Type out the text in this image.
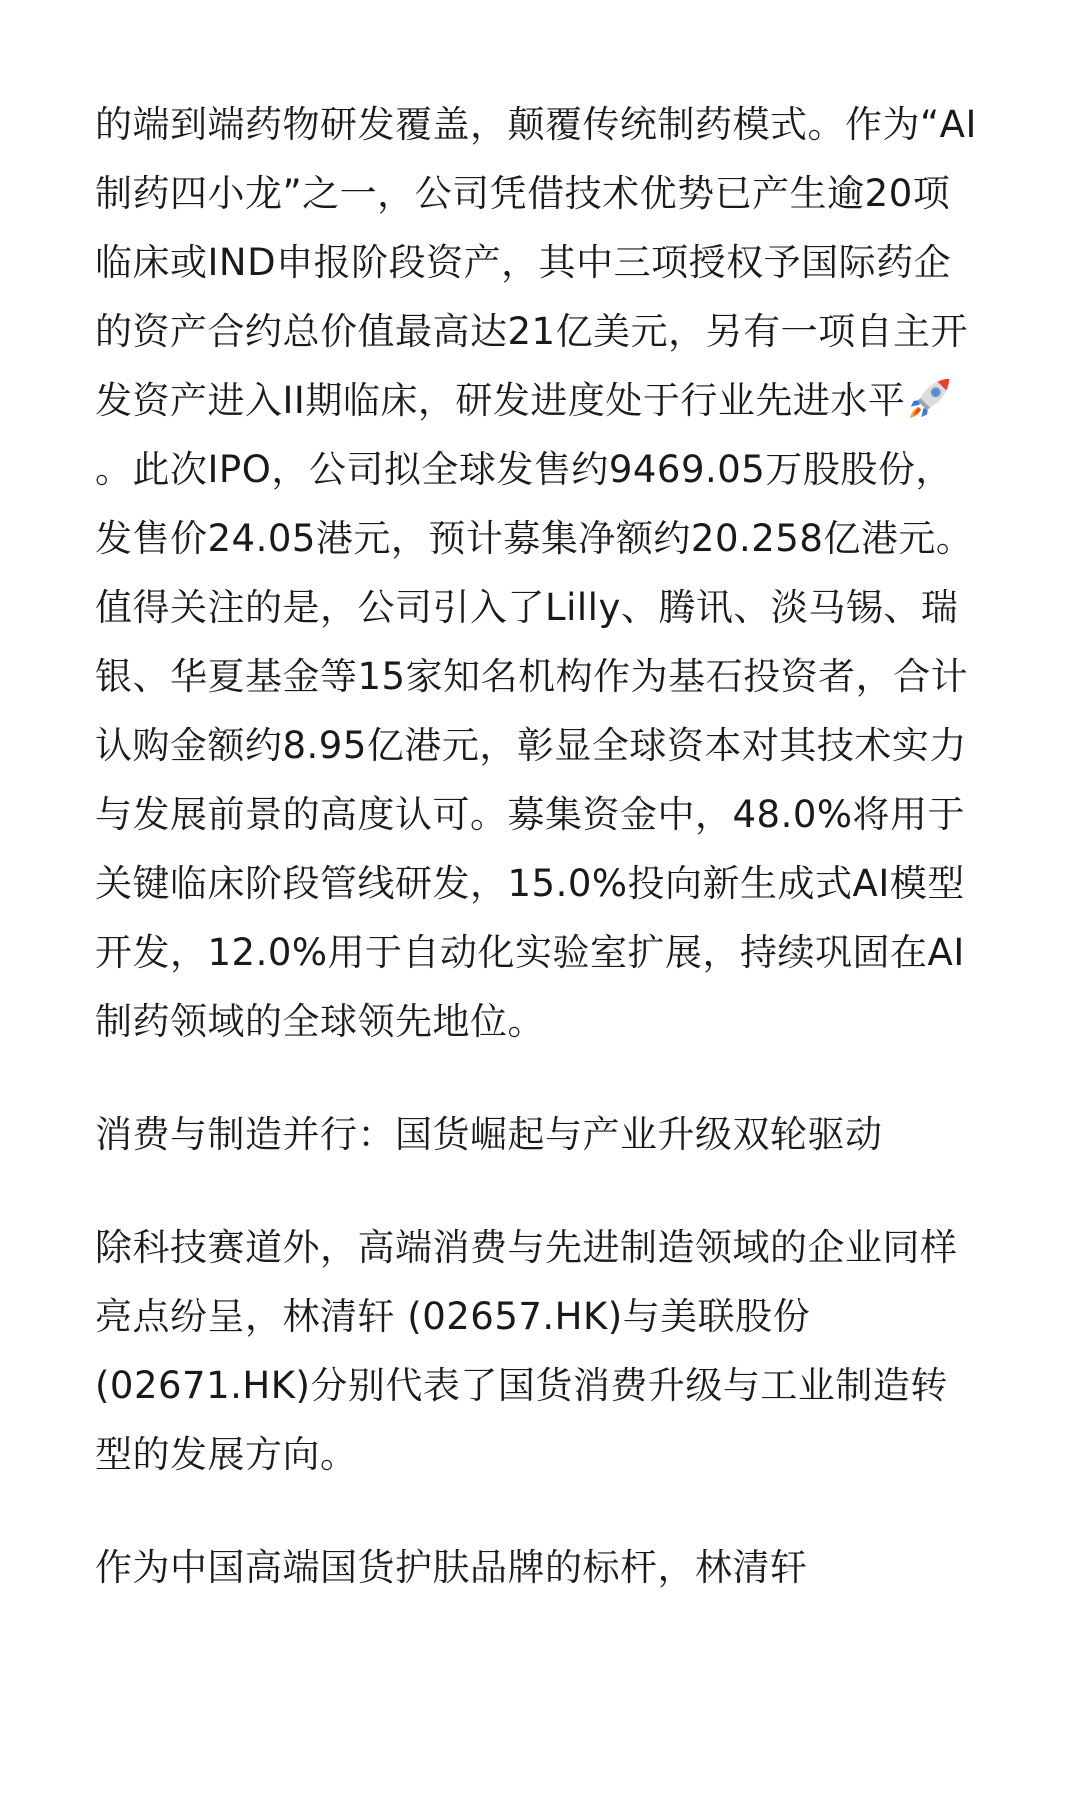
的端到端药物研发覆盖，颠覆传统制药模式。作为“AI制药四小龙”之一，公司凭借技术优势已产生逾20项临床或IND申报阶段资产，其中三项授权予国际药企的资产合约总价值最高达21亿美元，另有一项自主开发资产进入II期临床，研发进度处于行业先进水平。此次IPO，公司拟全球发售约9469.05万股股份，发售价24.05港元，预计募集净额约20.258亿港元。值得关注的是，公司引入了Lilly、腾讯、淡马锡、瑞银、华夏基金等15家知名机构作为基石投资者，合计认购金额约8.95亿港元，彰显全球资本对其技术实力与发展前景的高度认可。募集资金中，48.0%将用于关键临床阶段管线研发，15.0%投向新生成式AI模型开发，12.0%用于自动化实验室扩展，持续巩固在AI制药领域的全球领先地位。

消费与制造并行：国货崛起与产业升级双轮驱动

除科技赛道外，高端消费与先进制造领域的企业同样亮点纷呈，林清轩 (02657.HK)与美联股份(02671.HK)分别代表了国货消费升级与工业制造转型的发展方向。

作为中国高端国货护肤品牌的标杆，林清轩
